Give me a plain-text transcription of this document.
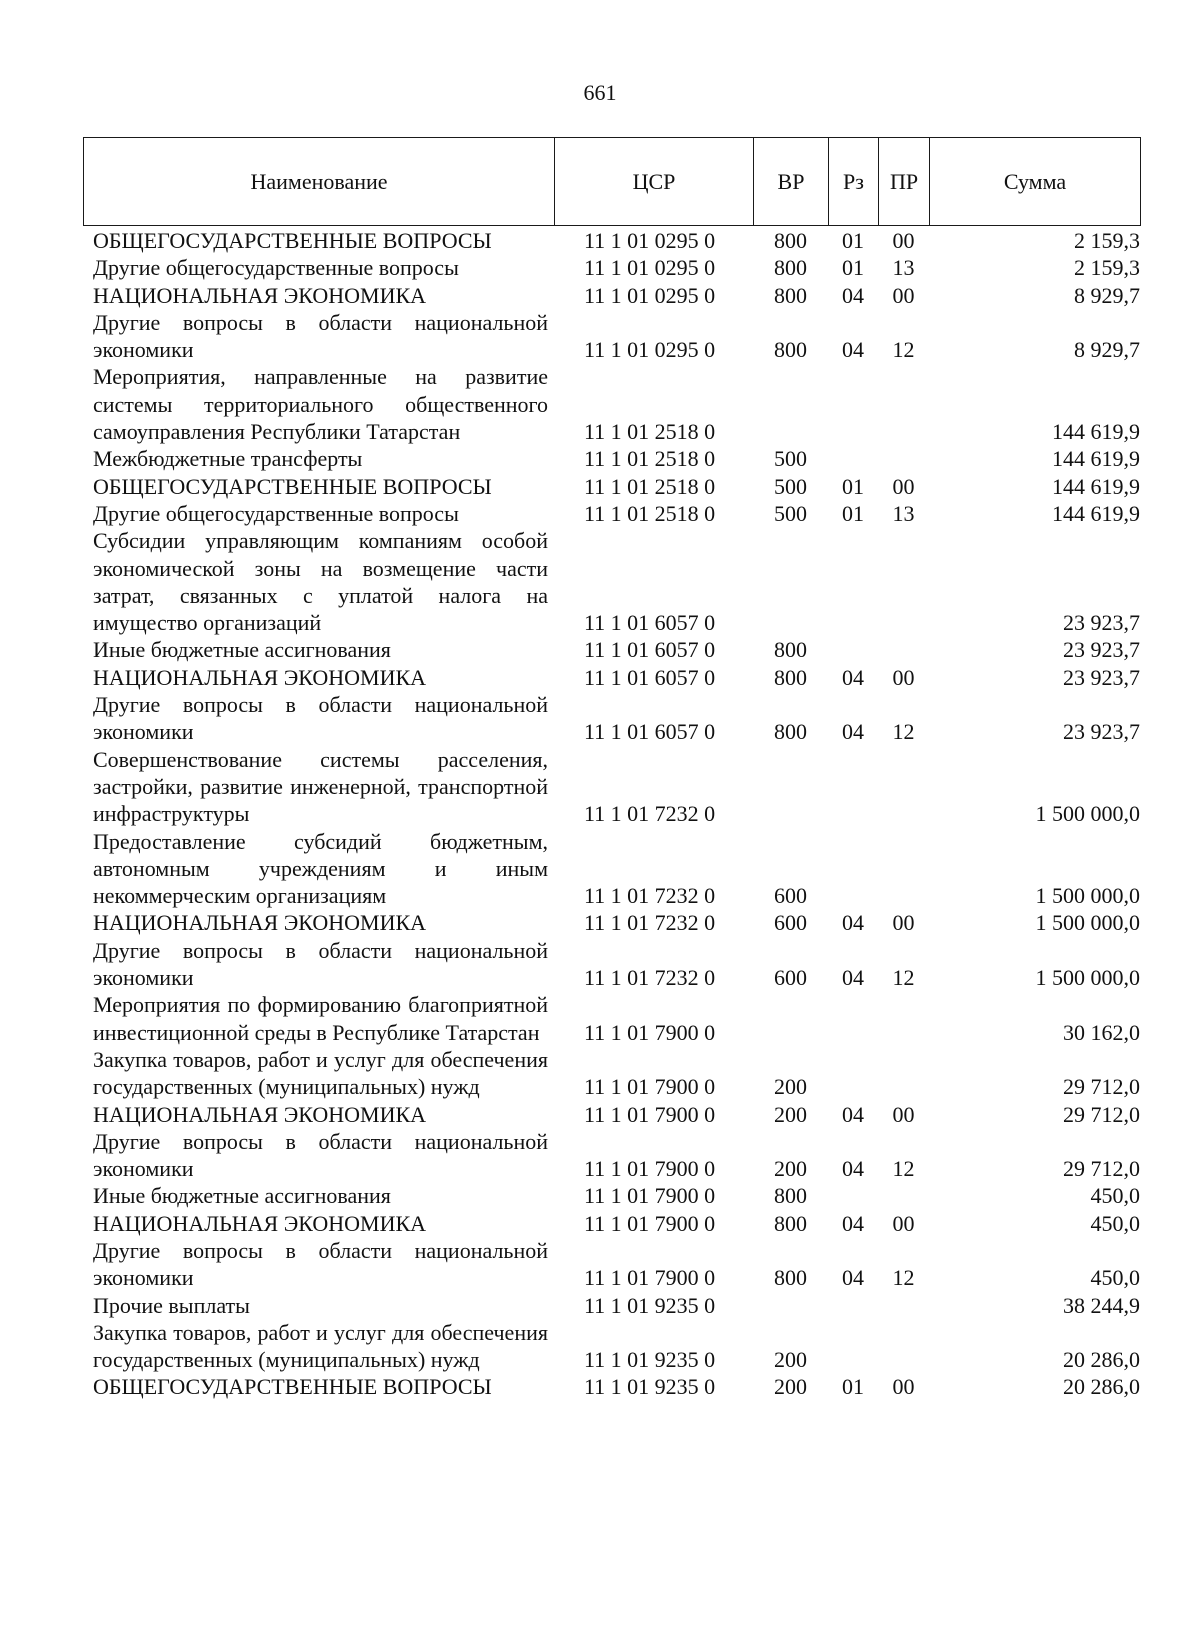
661
Наименование	ЦСР	ВР	Рз	ПР	Сумма
ОБЩЕГОСУДАРСТВЕННЫЕ ВОПРОСЫ	11 1 01 0295 0	800	01	00	2 159,3
Другие общегосударственные вопросы	11 1 01 0295 0	800	01	13	2 159,3
НАЦИОНАЛЬНАЯ ЭКОНОМИКА	11 1 01 0295 0	800	04	00	8 929,7
Другие вопросы в области национальной экономики	11 1 01 0295 0	800	04	12	8 929,7
Мероприятия, направленные на развитие системы территориального общественного самоуправления Республики Татарстан	11 1 01 2518 0				144 619,9
Межбюджетные трансферты	11 1 01 2518 0	500			144 619,9
ОБЩЕГОСУДАРСТВЕННЫЕ ВОПРОСЫ	11 1 01 2518 0	500	01	00	144 619,9
Другие общегосударственные вопросы	11 1 01 2518 0	500	01	13	144 619,9
Субсидии управляющим компаниям особой экономической зоны на возмещение части затрат, связанных с уплатой налога на имущество организаций	11 1 01 6057 0				23 923,7
Иные бюджетные ассигнования	11 1 01 6057 0	800			23 923,7
НАЦИОНАЛЬНАЯ ЭКОНОМИКА	11 1 01 6057 0	800	04	00	23 923,7
Другие вопросы в области национальной экономики	11 1 01 6057 0	800	04	12	23 923,7
Совершенствование системы расселения, застройки, развитие инженерной, транспортной инфраструктуры	11 1 01 7232 0				1 500 000,0
Предоставление субсидий бюджетным, автономным учреждениям и иным некоммерческим организациям	11 1 01 7232 0	600			1 500 000,0
НАЦИОНАЛЬНАЯ ЭКОНОМИКА	11 1 01 7232 0	600	04	00	1 500 000,0
Другие вопросы в области национальной экономики	11 1 01 7232 0	600	04	12	1 500 000,0
Мероприятия по формированию благоприятной инвестиционной среды в Республике Татарстан	11 1 01 7900 0				30 162,0
Закупка товаров, работ и услуг для обеспечения государственных (муниципальных) нужд	11 1 01 7900 0	200			29 712,0
НАЦИОНАЛЬНАЯ ЭКОНОМИКА	11 1 01 7900 0	200	04	00	29 712,0
Другие вопросы в области национальной экономики	11 1 01 7900 0	200	04	12	29 712,0
Иные бюджетные ассигнования	11 1 01 7900 0	800			450,0
НАЦИОНАЛЬНАЯ ЭКОНОМИКА	11 1 01 7900 0	800	04	00	450,0
Другие вопросы в области национальной экономики	11 1 01 7900 0	800	04	12	450,0
Прочие выплаты	11 1 01 9235 0				38 244,9
Закупка товаров, работ и услуг для обеспечения государственных (муниципальных) нужд	11 1 01 9235 0	200			20 286,0
ОБЩЕГОСУДАРСТВЕННЫЕ ВОПРОСЫ	11 1 01 9235 0	200	01	00	20 286,0
